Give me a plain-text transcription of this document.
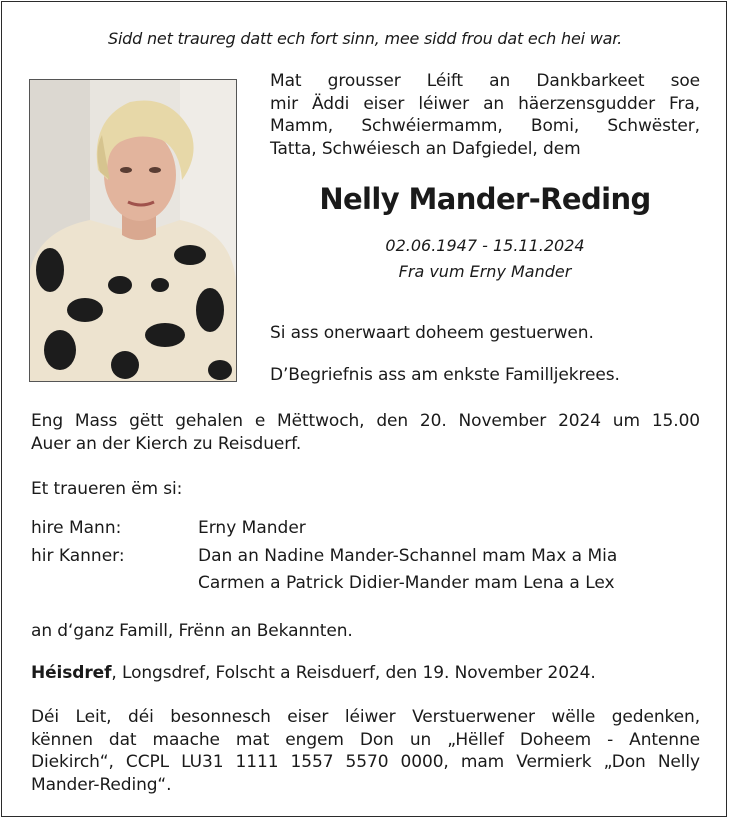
Sidd net traureg datt ech fort sinn, mee sidd frou dat ech hei war.
Mat grousser Léift an Dankbarkeet soe
mir Äddi eiser léiwer an häerzensgudder Fra,
Mamm, Schwéiermamm, Bomi, Schwëster,
Tatta, Schwéiesch an Dafgiedel, dem
Nelly Mander-Reding
02.06.1947 - 15.11.2024
Fra vum Erny Mander
Si ass onerwaart doheem gestuerwen.
D’Begriefnis ass am enkste Familljekrees.
Eng Mass gëtt gehalen e Mëttwoch, den 20. November 2024 um 15.00
Auer an der Kierch zu Reisduerf.
Et traueren ëm si:
hire Mann:	Erny Mander
hir Kanner:	Dan an Nadine Mander-Schannel mam Max a Mia
Carmen a Patrick Didier-Mander mam Lena a Lex
an d‘ganz Famill, Frënn an Bekannten.
Héisdref, Longsdref, Folscht a Reisduerf, den 19. November 2024.
Déi Leit, déi besonnesch eiser léiwer Verstuerwener wëlle gedenken,
kënnen dat maache mat engem Don un „Hëllef Doheem - Antenne
Diekirch“, CCPL LU31 1111 1557 5570 0000, mam Vermierk „Don Nelly
Mander-Reding“.
